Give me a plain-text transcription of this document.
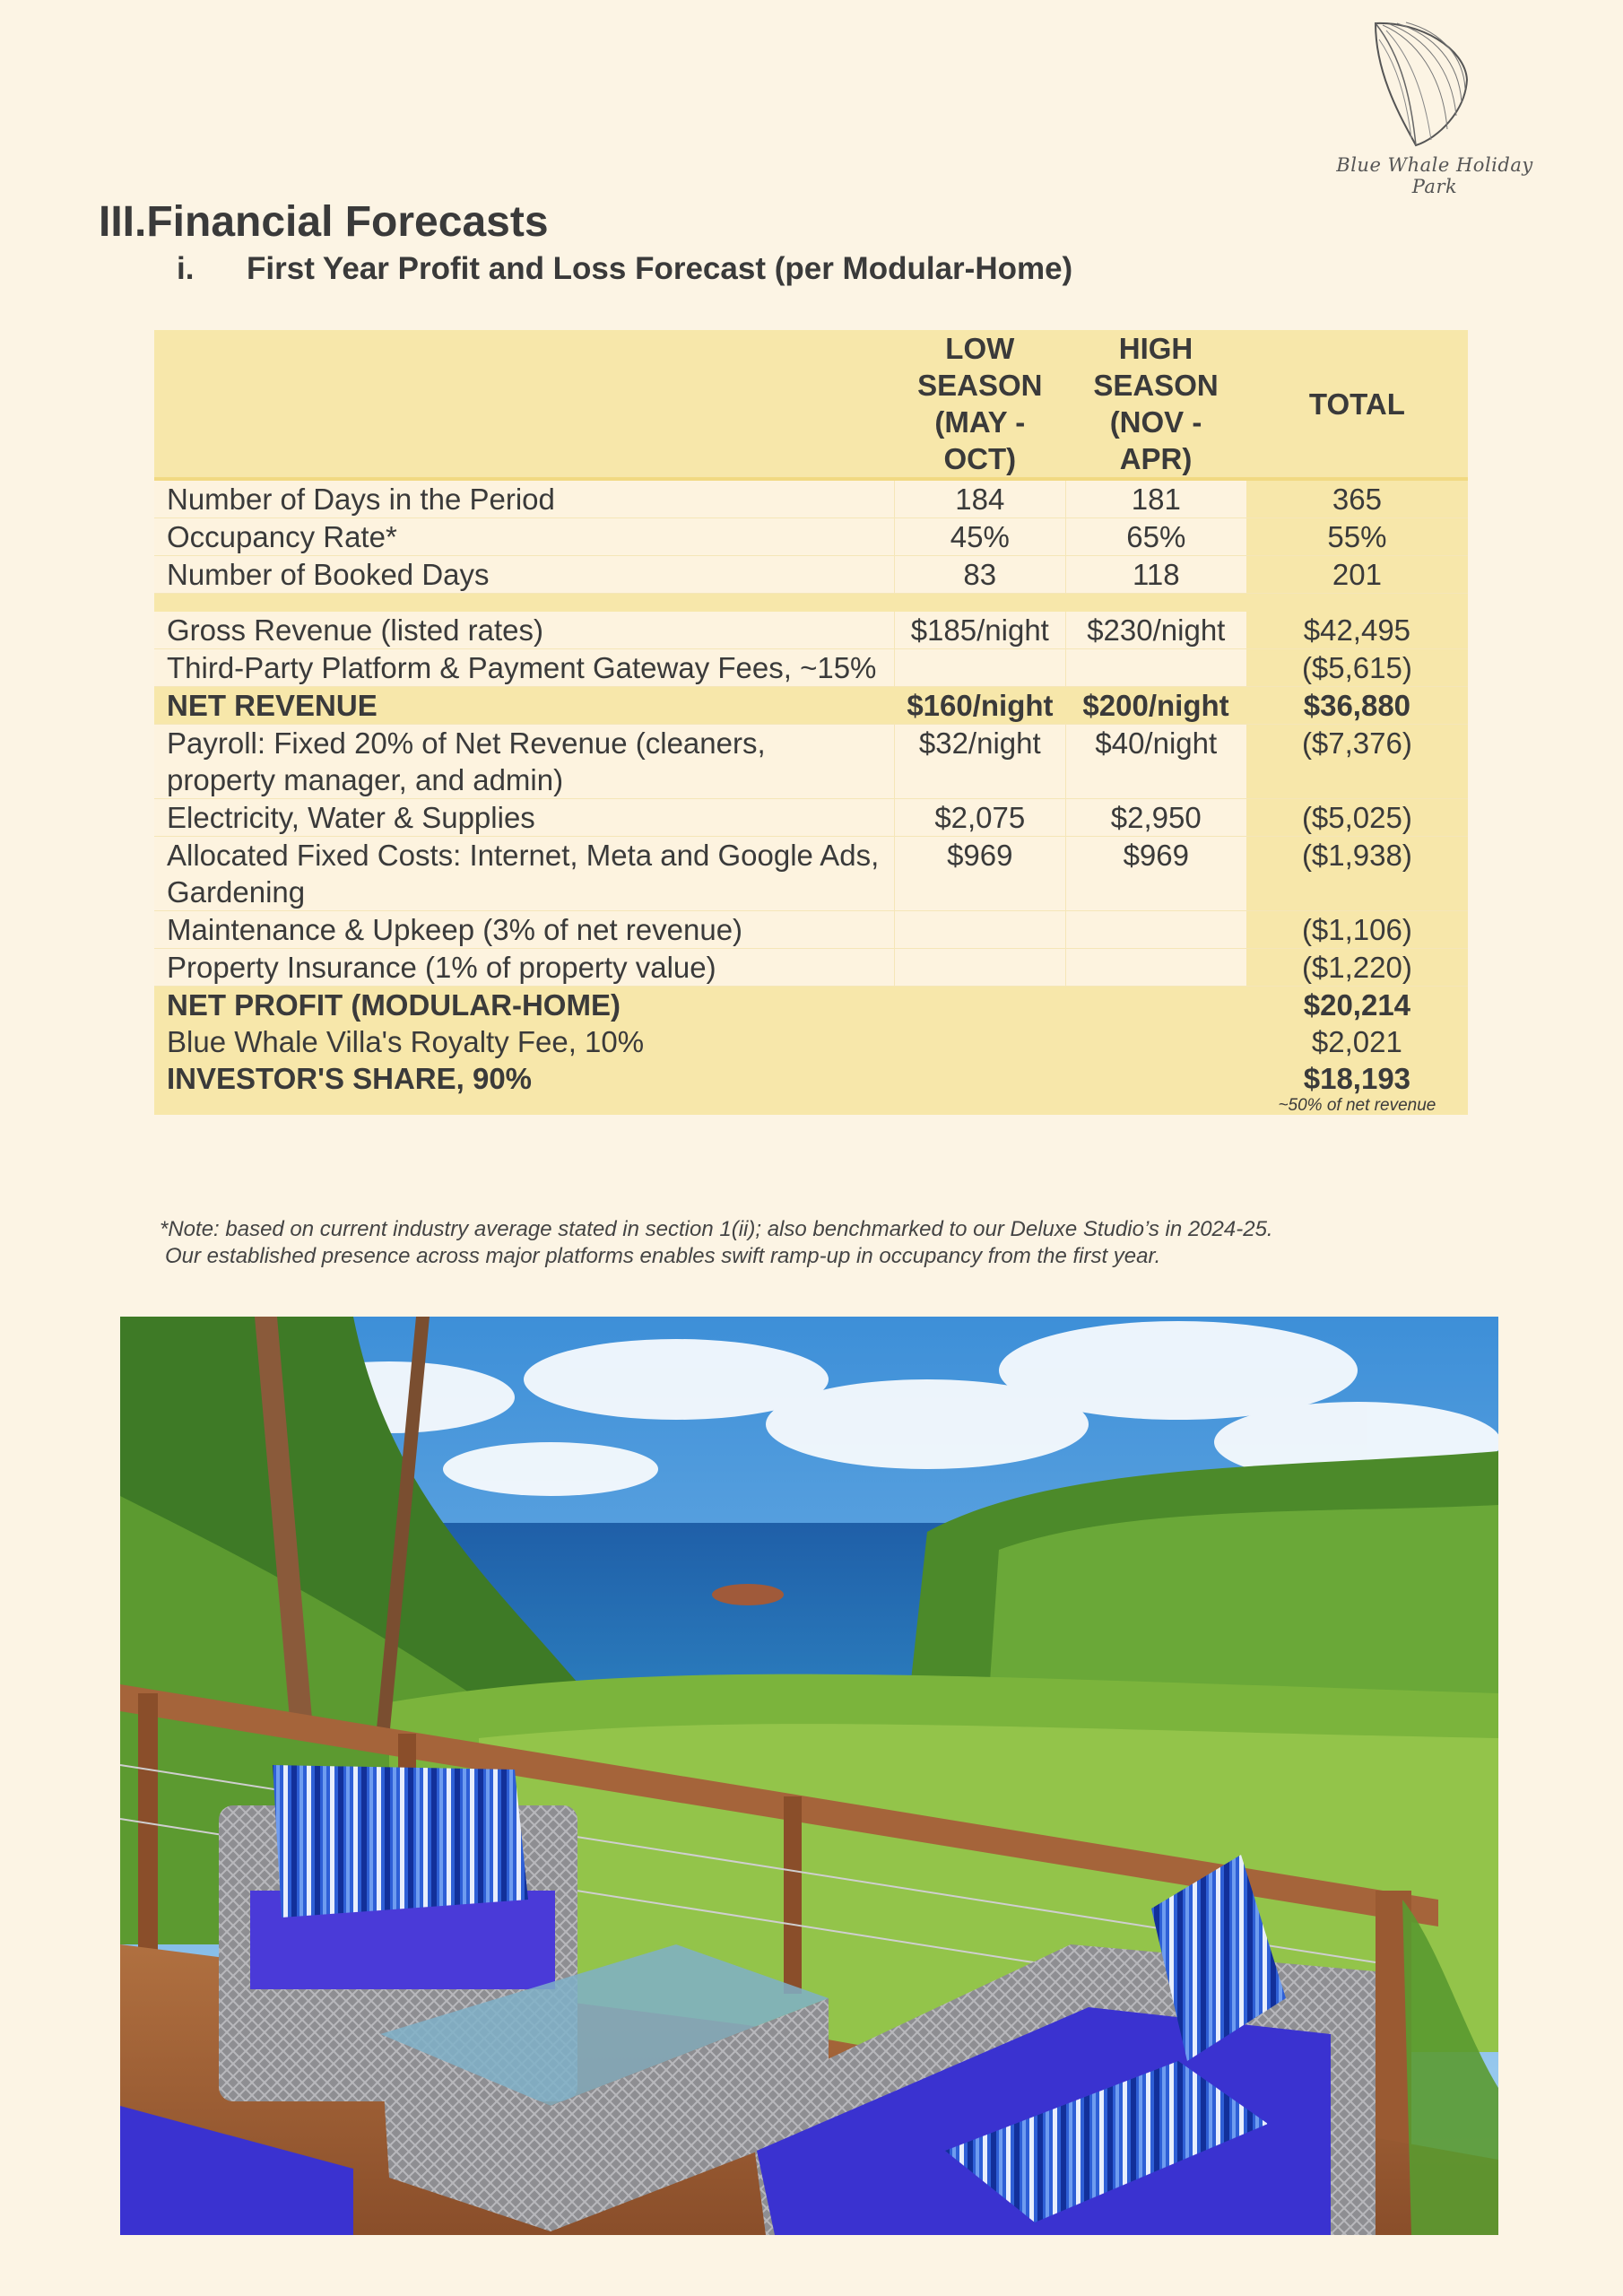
Blue Whale Holiday Park
III.Financial Forecasts
i. First Year Profit and Loss Forecast (per Modular-Home)
	LOW
SEASON
(MAY -
OCT)	HIGH
SEASON
(NOV -
APR)	TOTAL
Number of Days in the Period	184	181	365
Occupancy Rate*	45%	65%	55%
Number of Booked Days	83	118	201

Gross Revenue (listed rates)	$185/night	$230/night	$42,495
Third-Party Platform & Payment Gateway Fees, ~15%			($5,615)
NET REVENUE	$160/night	$200/night	$36,880
Payroll: Fixed 20% of Net Revenue (cleaners, property manager, and admin)	$32/night	$40/night	($7,376)
Electricity, Water & Supplies	$2,075	$2,950	($5,025)
Allocated Fixed Costs: Internet, Meta and Google Ads, Gardening	$969	$969	($1,938)
Maintenance & Upkeep (3% of net revenue)			($1,106)
Property Insurance (1% of property value)			($1,220)
NET PROFIT (MODULAR-HOME)			$20,214
Blue Whale Villa's Royalty Fee, 10%			$2,021
INVESTOR'S SHARE, 90%			$18,193
~50% of net revenue
*Note: based on current industry average stated in section 1(ii); also benchmarked to our Deluxe Studio’s in 2024-25.
Our established presence across major platforms enables swift ramp-up in occupancy from the first year.
